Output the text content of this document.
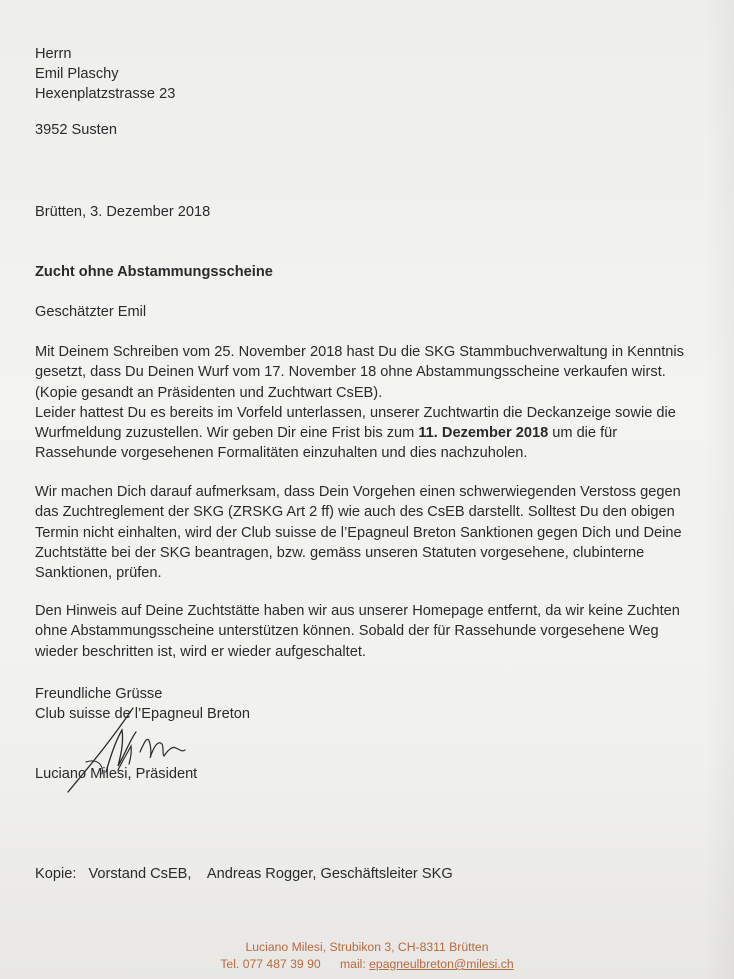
Herrn
Emil Plaschy
Hexenplatzstrasse 23
3952 Susten
Brütten, 3. Dezember 2018
Zucht ohne Abstammungsscheine
Geschätzter Emil
Mit Deinem Schreiben vom 25. November 2018 hast Du die SKG Stammbuchverwaltung in Kenntnis
gesetzt, dass Du Deinen Wurf vom 17. November 18 ohne Abstammungsscheine verkaufen wirst.
(Kopie gesandt an Präsidenten und Zuchtwart CsEB).
Leider hattest Du es bereits im Vorfeld unterlassen, unserer Zuchtwartin die Deckanzeige sowie die
Wurfmeldung zuzustellen. Wir geben Dir eine Frist bis zum 11. Dezember 2018 um die für
Rassehunde vorgesehenen Formalitäten einzuhalten und dies nachzuholen.
Wir machen Dich darauf aufmerksam, dass Dein Vorgehen einen schwerwiegenden Verstoss gegen
das Zuchtreglement der SKG (ZRSKG Art 2 ff) wie auch des CsEB darstellt. Solltest Du den obigen
Termin nicht einhalten, wird der Club suisse de l’Epagneul Breton Sanktionen gegen Dich und Deine
Zuchtstätte bei der SKG beantragen, bzw. gemäss unseren Statuten vorgesehene, clubinterne
Sanktionen, prüfen.
Den Hinweis auf Deine Zuchtstätte haben wir aus unserer Homepage entfernt, da wir keine Zuchten
ohne Abstammungsscheine unterstützen können. Sobald der für Rassehunde vorgesehene Weg
wieder beschritten ist, wird er wieder aufgeschaltet.
Freundliche Grüsse
Club suisse de l’Epagneul Breton
Luciano Milesi, Präsident
Kopie: Vorstand CsEB,    Andreas Rogger, Geschäftsleiter SKG
Luciano Milesi, Strubikon 3, CH-8311 Brütten
Tel. 077 487 39 90 mail: epagneulbreton@milesi.ch
